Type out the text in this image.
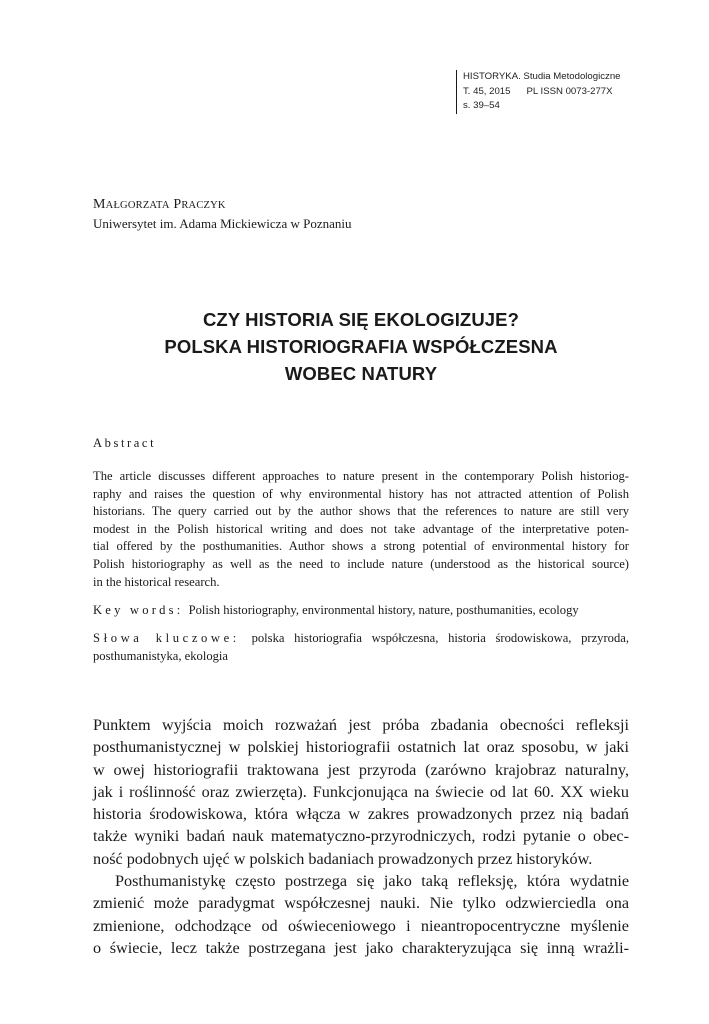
HISTORYKA. Studia Metodologiczne
T. 45, 2015 PL ISSN 0073-277X
s. 39–54
MAŁGORZATA PRACZYK
Uniwersytet im. Adama Mickiewicza w Poznaniu
CZY HISTORIA SIĘ EKOLOGIZUJE?
POLSKA HISTORIOGRAFIA WSPÓŁCZESNA
WOBEC NATURY
Abstract
The article discusses different approaches to nature present in the contemporary Polish historiog-
raphy and raises the question of why environmental history has not attracted attention of Polish
historians. The query carried out by the author shows that the references to nature are still very
modest in the Polish historical writing and does not take advantage of the interpretative poten-
tial offered by the posthumanities. Author shows a strong potential of environmental history for
Polish historiography as well as the need to include nature (understood as the historical source)
in the historical research.
Key words: Polish historiography, environmental history, nature, posthumanities, ecology
Słowa kluczowe: polska historiografia współczesna, historia środowiskowa, przyroda,
posthumanistyka, ekologia
Punktem wyjścia moich rozważań jest próba zbadania obecności refleksji
posthumanistycznej w polskiej historiografii ostatnich lat oraz sposobu, w jaki
w owej historiografii traktowana jest przyroda (zarówno krajobraz naturalny,
jak i roślinność oraz zwierzęta). Funkcjonująca na świecie od lat 60. XX wieku
historia środowiskowa, która włącza w zakres prowadzonych przez nią badań
także wyniki badań nauk matematyczno-przyrodniczych, rodzi pytanie o obec-
ność podobnych ujęć w polskich badaniach prowadzonych przez historyków.
Posthumanistykę często postrzega się jako taką refleksję, która wydatnie
zmienić może paradygmat współczesnej nauki. Nie tylko odzwierciedla ona
zmienione, odchodzące od oświeceniowego i nieantropocentryczne myślenie
o świecie, lecz także postrzegana jest jako charakteryzująca się inną wrażli-
